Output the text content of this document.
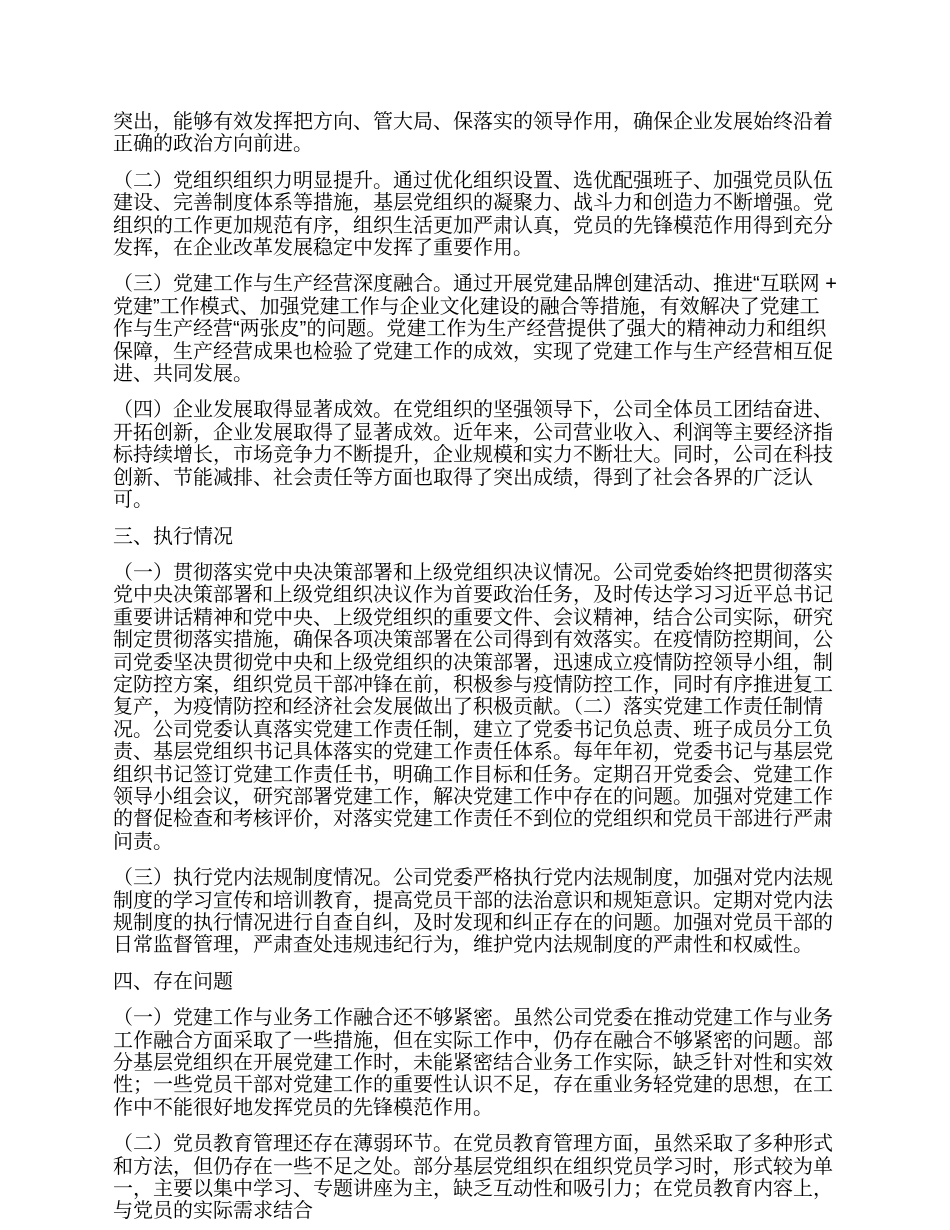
突出，能够有效发挥把方向、管大局、保落实的领导作用，确保企业发展始终沿着正确的政治方向前进。

（二）党组织组织力明显提升。通过优化组织设置、选优配强班子、加强党员队伍建设、完善制度体系等措施，基层党组织的凝聚力、战斗力和创造力不断增强。党组织的工作更加规范有序，组织生活更加严肃认真，党员的先锋模范作用得到充分发挥，在企业改革发展稳定中发挥了重要作用。

（三）党建工作与生产经营深度融合。通过开展党建品牌创建活动、推进“互联网 + 党建”工作模式、加强党建工作与企业文化建设的融合等措施，有效解决了党建工作与生产经营“两张皮”的问题。党建工作为生产经营提供了强大的精神动力和组织保障，生产经营成果也检验了党建工作的成效，实现了党建工作与生产经营相互促进、共同发展。

（四）企业发展取得显著成效。在党组织的坚强领导下，公司全体员工团结奋进、开拓创新，企业发展取得了显著成效。近年来，公司营业收入、利润等主要经济指标持续增长，市场竞争力不断提升，企业规模和实力不断壮大。同时，公司在科技创新、节能减排、社会责任等方面也取得了突出成绩，得到了社会各界的广泛认可。

三、执行情况

（一）贯彻落实党中央决策部署和上级党组织决议情况。公司党委始终把贯彻落实党中央决策部署和上级党组织决议作为首要政治任务，及时传达学习习近平总书记重要讲话精神和党中央、上级党组织的重要文件、会议精神，结合公司实际，研究制定贯彻落实措施，确保各项决策部署在公司得到有效落实。在疫情防控期间，公司党委坚决贯彻党中央和上级党组织的决策部署，迅速成立疫情防控领导小组，制定防控方案，组织党员干部冲锋在前，积极参与疫情防控工作，同时有序推进复工复产，为疫情防控和经济社会发展做出了积极贡献。（二）落实党建工作责任制情况。公司党委认真落实党建工作责任制，建立了党委书记负总责、班子成员分工负责、基层党组织书记具体落实的党建工作责任体系。每年年初，党委书记与基层党组织书记签订党建工作责任书，明确工作目标和任务。定期召开党委会、党建工作领导小组会议，研究部署党建工作，解决党建工作中存在的问题。加强对党建工作的督促检查和考核评价，对落实党建工作责任不到位的党组织和党员干部进行严肃问责。

（三）执行党内法规制度情况。公司党委严格执行党内法规制度，加强对党内法规制度的学习宣传和培训教育，提高党员干部的法治意识和规矩意识。定期对党内法规制度的执行情况进行自查自纠，及时发现和纠正存在的问题。加强对党员干部的日常监督管理，严肃查处违规违纪行为，维护党内法规制度的严肃性和权威性。

四、存在问题

（一）党建工作与业务工作融合还不够紧密。虽然公司党委在推动党建工作与业务工作融合方面采取了一些措施，但在实际工作中，仍存在融合不够紧密的问题。部分基层党组织在开展党建工作时，未能紧密结合业务工作实际，缺乏针对性和实效性；一些党员干部对党建工作的重要性认识不足，存在重业务轻党建的思想，在工作中不能很好地发挥党员的先锋模范作用。

（二）党员教育管理还存在薄弱环节。在党员教育管理方面，虽然采取了多种形式和方法，但仍存在一些不足之处。部分基层党组织在组织党员学习时，形式较为单一，主要以集中学习、专题讲座为主，缺乏互动性和吸引力；在党员教育内容上，与党员的实际需求结合
